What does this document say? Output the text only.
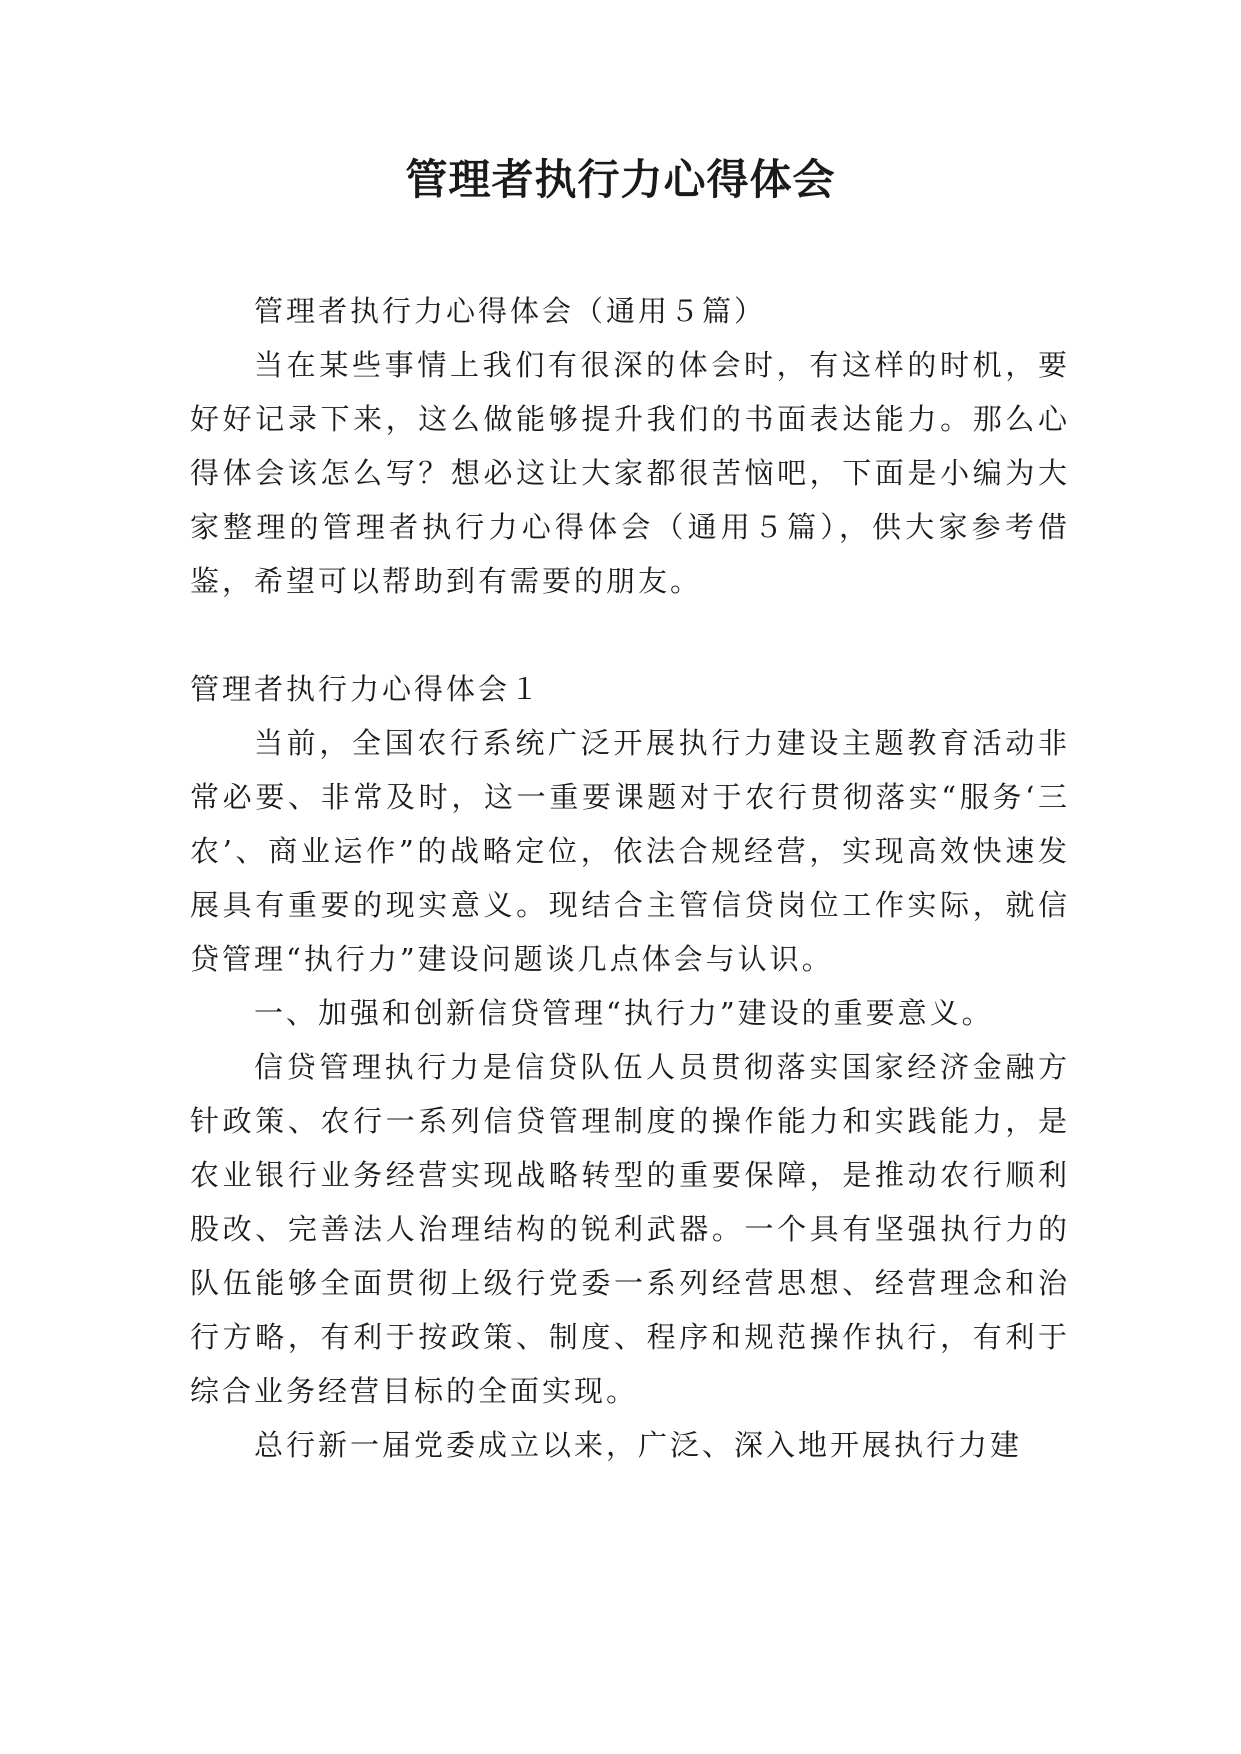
管理者执行力心得体会

管理者执行力心得体会（通用５篇）

当在某些事情上我们有很深的体会时，有这样的时机，要好好记录下来，这么做能够提升我们的书面表达能力。那么心得体会该怎么写？想必这让大家都很苦恼吧，下面是小编为大家整理的管理者执行力心得体会（通用５篇），供大家参考借鉴，希望可以帮助到有需要的朋友。

管理者执行力心得体会１

当前，全国农行系统广泛开展执行力建设主题教育活动非常必要、非常及时，这一重要课题对于农行贯彻落实“服务‘三农’、商业运作”的战略定位，依法合规经营，实现高效快速发展具有重要的现实意义。现结合主管信贷岗位工作实际，就信贷管理“执行力”建设问题谈几点体会与认识。

一、加强和创新信贷管理“执行力”建设的重要意义。

信贷管理执行力是信贷队伍人员贯彻落实国家经济金融方针政策、农行一系列信贷管理制度的操作能力和实践能力，是农业银行业务经营实现战略转型的重要保障，是推动农行顺利股改、完善法人治理结构的锐利武器。一个具有坚强执行力的队伍能够全面贯彻上级行党委一系列经营思想、经营理念和治行方略，有利于按政策、制度、程序和规范操作执行，有利于综合业务经营目标的全面实现。

总行新一届党委成立以来，广泛、深入地开展执行力建
